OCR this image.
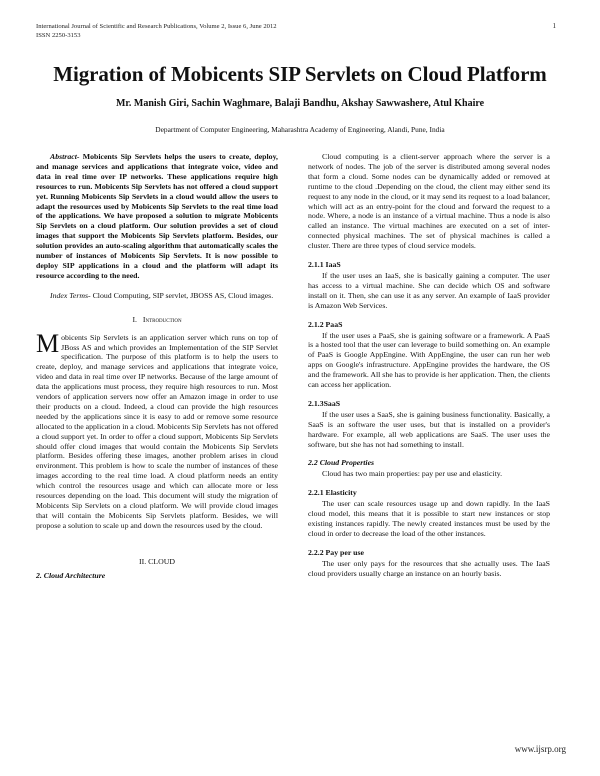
International Journal of Scientific and Research Publications, Volume 2, Issue 6, June 2012
ISSN 2250-3153
1
Migration of Mobicents SIP Servlets on Cloud Platform
Mr. Manish Giri, Sachin Waghmare, Balaji Bandhu, Akshay Sawwashere, Atul Khaire
Department of Computer Engineering, Maharashtra Academy of Engineering, Alandi, Pune, India

Abstract- Mobicents Sip Servlets helps the users to create, deploy, and manage services and applications that integrate voice, video and data in real time over IP networks. These applications require high resources to run. Mobicents Sip Servlets has not offered a cloud support yet. Running Mobicents Sip Servlets in a cloud would allow the users to adapt the resources used by Mobicents Sip Servlets to the real time load of the applications. We have proposed a solution to migrate Mobicents Sip Servlets on a cloud platform. Our solution provides a set of cloud images that support the Mobicents Sip Servlets platform. Besides, our solution provides an auto-scaling algorithm that automatically scales the number of instances of Mobicents Sip Servlets. It is now possible to deploy SIP applications in a cloud and the platform will adapt its resource according to the need.

Index Terms- Cloud Computing, SIP servlet, JBOSS AS, Cloud images.

I. Introduction

Mobicents Sip Servlets is an application server which runs on top of JBoss AS and which provides an Implementation of the SIP Servlet specification. The purpose of this platform is to help the users to create, deploy, and manage services and applications that integrate voice, video and data in real time over IP networks. Because of the large amount of data the applications must process, they require high resources to run. Most vendors of application servers now offer an Amazon image in order to use their products on a cloud. Indeed, a cloud can provide the high resources needed by the applications since it is easy to add or remove some resource allocated to the application in a cloud. Mobicents Sip Servlets has not offered a cloud support yet. In order to offer a cloud support, Mobicents Sip Servlets should offer cloud images that would contain the Mobicents Sip Servlets platform. Besides offering these images, another problem arises in cloud environment. This problem is how to scale the number of instances of these images according to the real time load. A cloud platform needs an entity which control the resources usage and which can allocate more or less resources depending on the load. This document will study the migration of Mobicents Sip Servlets on a cloud platform. We will provide cloud images that will contain the Mobicents Sip Servlets platform. Besides, we will propose a solution to scale up and down the resources used by the cloud.

II. CLOUD
2. Cloud Architecture

Cloud computing is a client-server approach where the server is a network of nodes. The job of the server is distributed among several nodes that form a cloud. Some nodes can be dynamically added or removed at runtime to the cloud .Depending on the cloud, the client may either send its request to any node in the cloud, or it may send its request to a load balancer, which will act as an entry-point for the cloud and forward the request to a node. Where, a node is an instance of a virtual machine. Thus a node is also called an instance. The virtual machines are executed on a set of inter-connected physical machines. The set of physical machines is called a cluster. There are three types of cloud service models.

2.1.1 IaaS

If the user uses an IaaS, she is basically gaining a computer. The user has access to a virtual machine. She can decide which OS and software install on it. Then, she can use it as any server. An example of IaaS provider is Amazon Web Services.

2.1.2 PaaS

If the user uses a PaaS, she is gaining software or a framework. A PaaS is a hosted tool that the user can leverage to build something on. An example of PaaS is Google AppEngine. With AppEngine, the user can run her web apps on Google's infrastructure. AppEngine provides the hardware, the OS and the framework. All she has to provide is her application. Then, the clients can access her application.

2.1.3SaaS

If the user uses a SaaS, she is gaining business functionality. Basically, a SaaS is an software the user uses, but that is installed on a provider's hardware. For example, all web applications are SaaS. The user uses the software, but she has not had something to install.

2.2 Cloud Properties

Cloud has two main properties: pay per use and elasticity.

2.2.1 Elasticity

The user can scale resources usage up and down rapidly. In the IaaS cloud model, this means that it is possible to start new instances or stop existing instances rapidly. The newly created instances must be used by the cloud in order to decrease the load of the other instances.

2.2.2 Pay per use

The user only pays for the resources that she actually uses. The IaaS cloud providers usually charge an instance on an hourly basis.

www.ijsrp.org
